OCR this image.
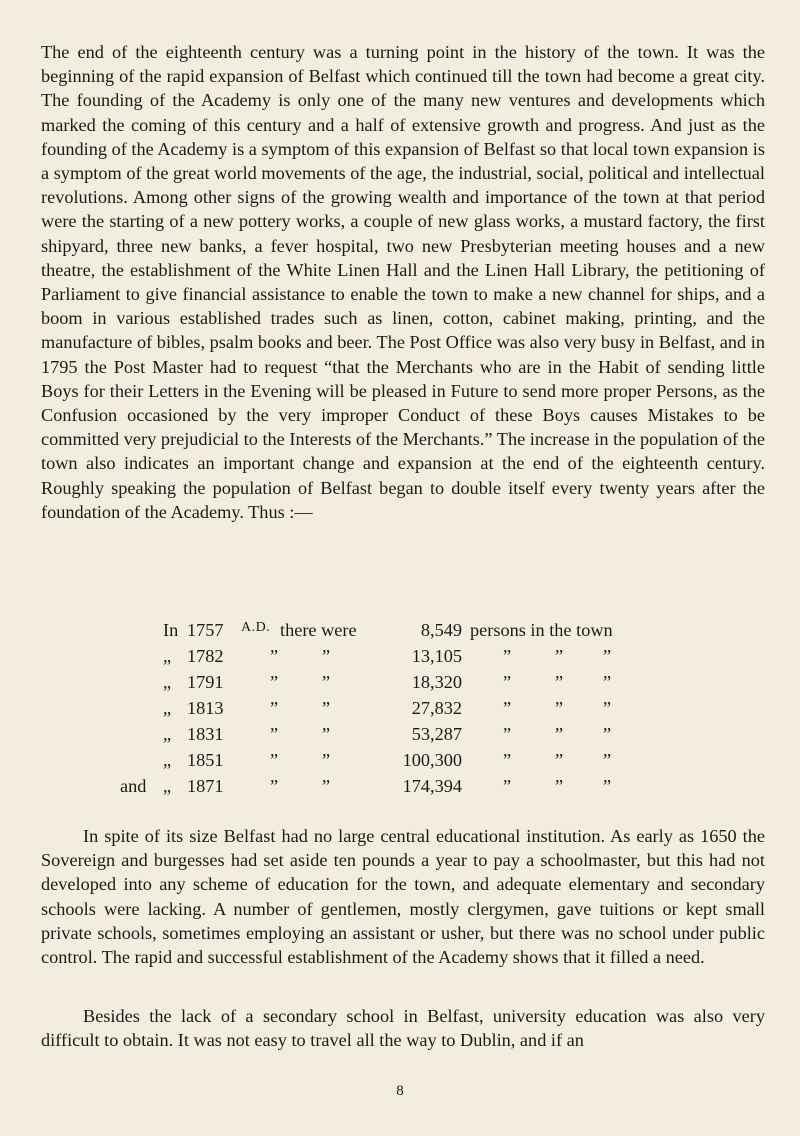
The end of the eighteenth century was a turning point in the history of the town. It was the beginning of the rapid expansion of Belfast which continued till the town had become a great city. The founding of the Academy is only one of the many new ventures and developments which marked the coming of this century and a half of extensive growth and progress. And just as the founding of the Academy is a symptom of this expansion of Belfast so that local town expansion is a symptom of the great world movements of the age, the industrial, social, political and intellectual revolutions. Among other signs of the growing wealth and importance of the town at that period were the starting of a new pottery works, a couple of new glass works, a mustard factory, the first shipyard, three new banks, a fever hospital, two new Presbyterian meeting houses and a new theatre, the establishment of the White Linen Hall and the Linen Hall Library, the petitioning of Parliament to give financial assistance to enable the town to make a new channel for ships, and a boom in various established trades such as linen, cotton, cabinet making, printing, and the manufacture of bibles, psalm books and beer. The Post Office was also very busy in Belfast, and in 1795 the Post Master had to request “that the Merchants who are in the Habit of sending little Boys for their Letters in the Evening will be pleased in Future to send more proper Persons, as the Confusion occasioned by the very improper Conduct of these Boys causes Mistakes to be committed very prejudicial to the Interests of the Merchants.” The increase in the population of the town also indicates an important change and expansion at the end of the eighteenth century. Roughly speaking the population of Belfast began to double itself every twenty years after the foundation of the Academy. Thus :—

In 1757 A.D. there were	8,549 persons in the town
„ 1782	” ”	13,105 ” ” ”
„ 1791	” ”	18,320 ” ” ”
„ 1813	” ”	27,832 ” ” ”
„ 1831	” ”	53,287 ” ” ”
„ 1851	” ”	100,300 ” ” ”
and „ 1871	” ”	174,394 ” ” ”

In spite of its size Belfast had no large central educational institution. As early as 1650 the Sovereign and burgesses had set aside ten pounds a year to pay a schoolmaster, but this had not developed into any scheme of education for the town, and adequate elementary and secondary schools were lacking. A number of gentlemen, mostly clergymen, gave tuitions or kept small private schools, sometimes employing an assistant or usher, but there was no school under public control. The rapid and successful establishment of the Academy shows that it filled a need.

Besides the lack of a secondary school in Belfast, university education was also very difficult to obtain. It was not easy to travel all the way to Dublin, and if an

8
